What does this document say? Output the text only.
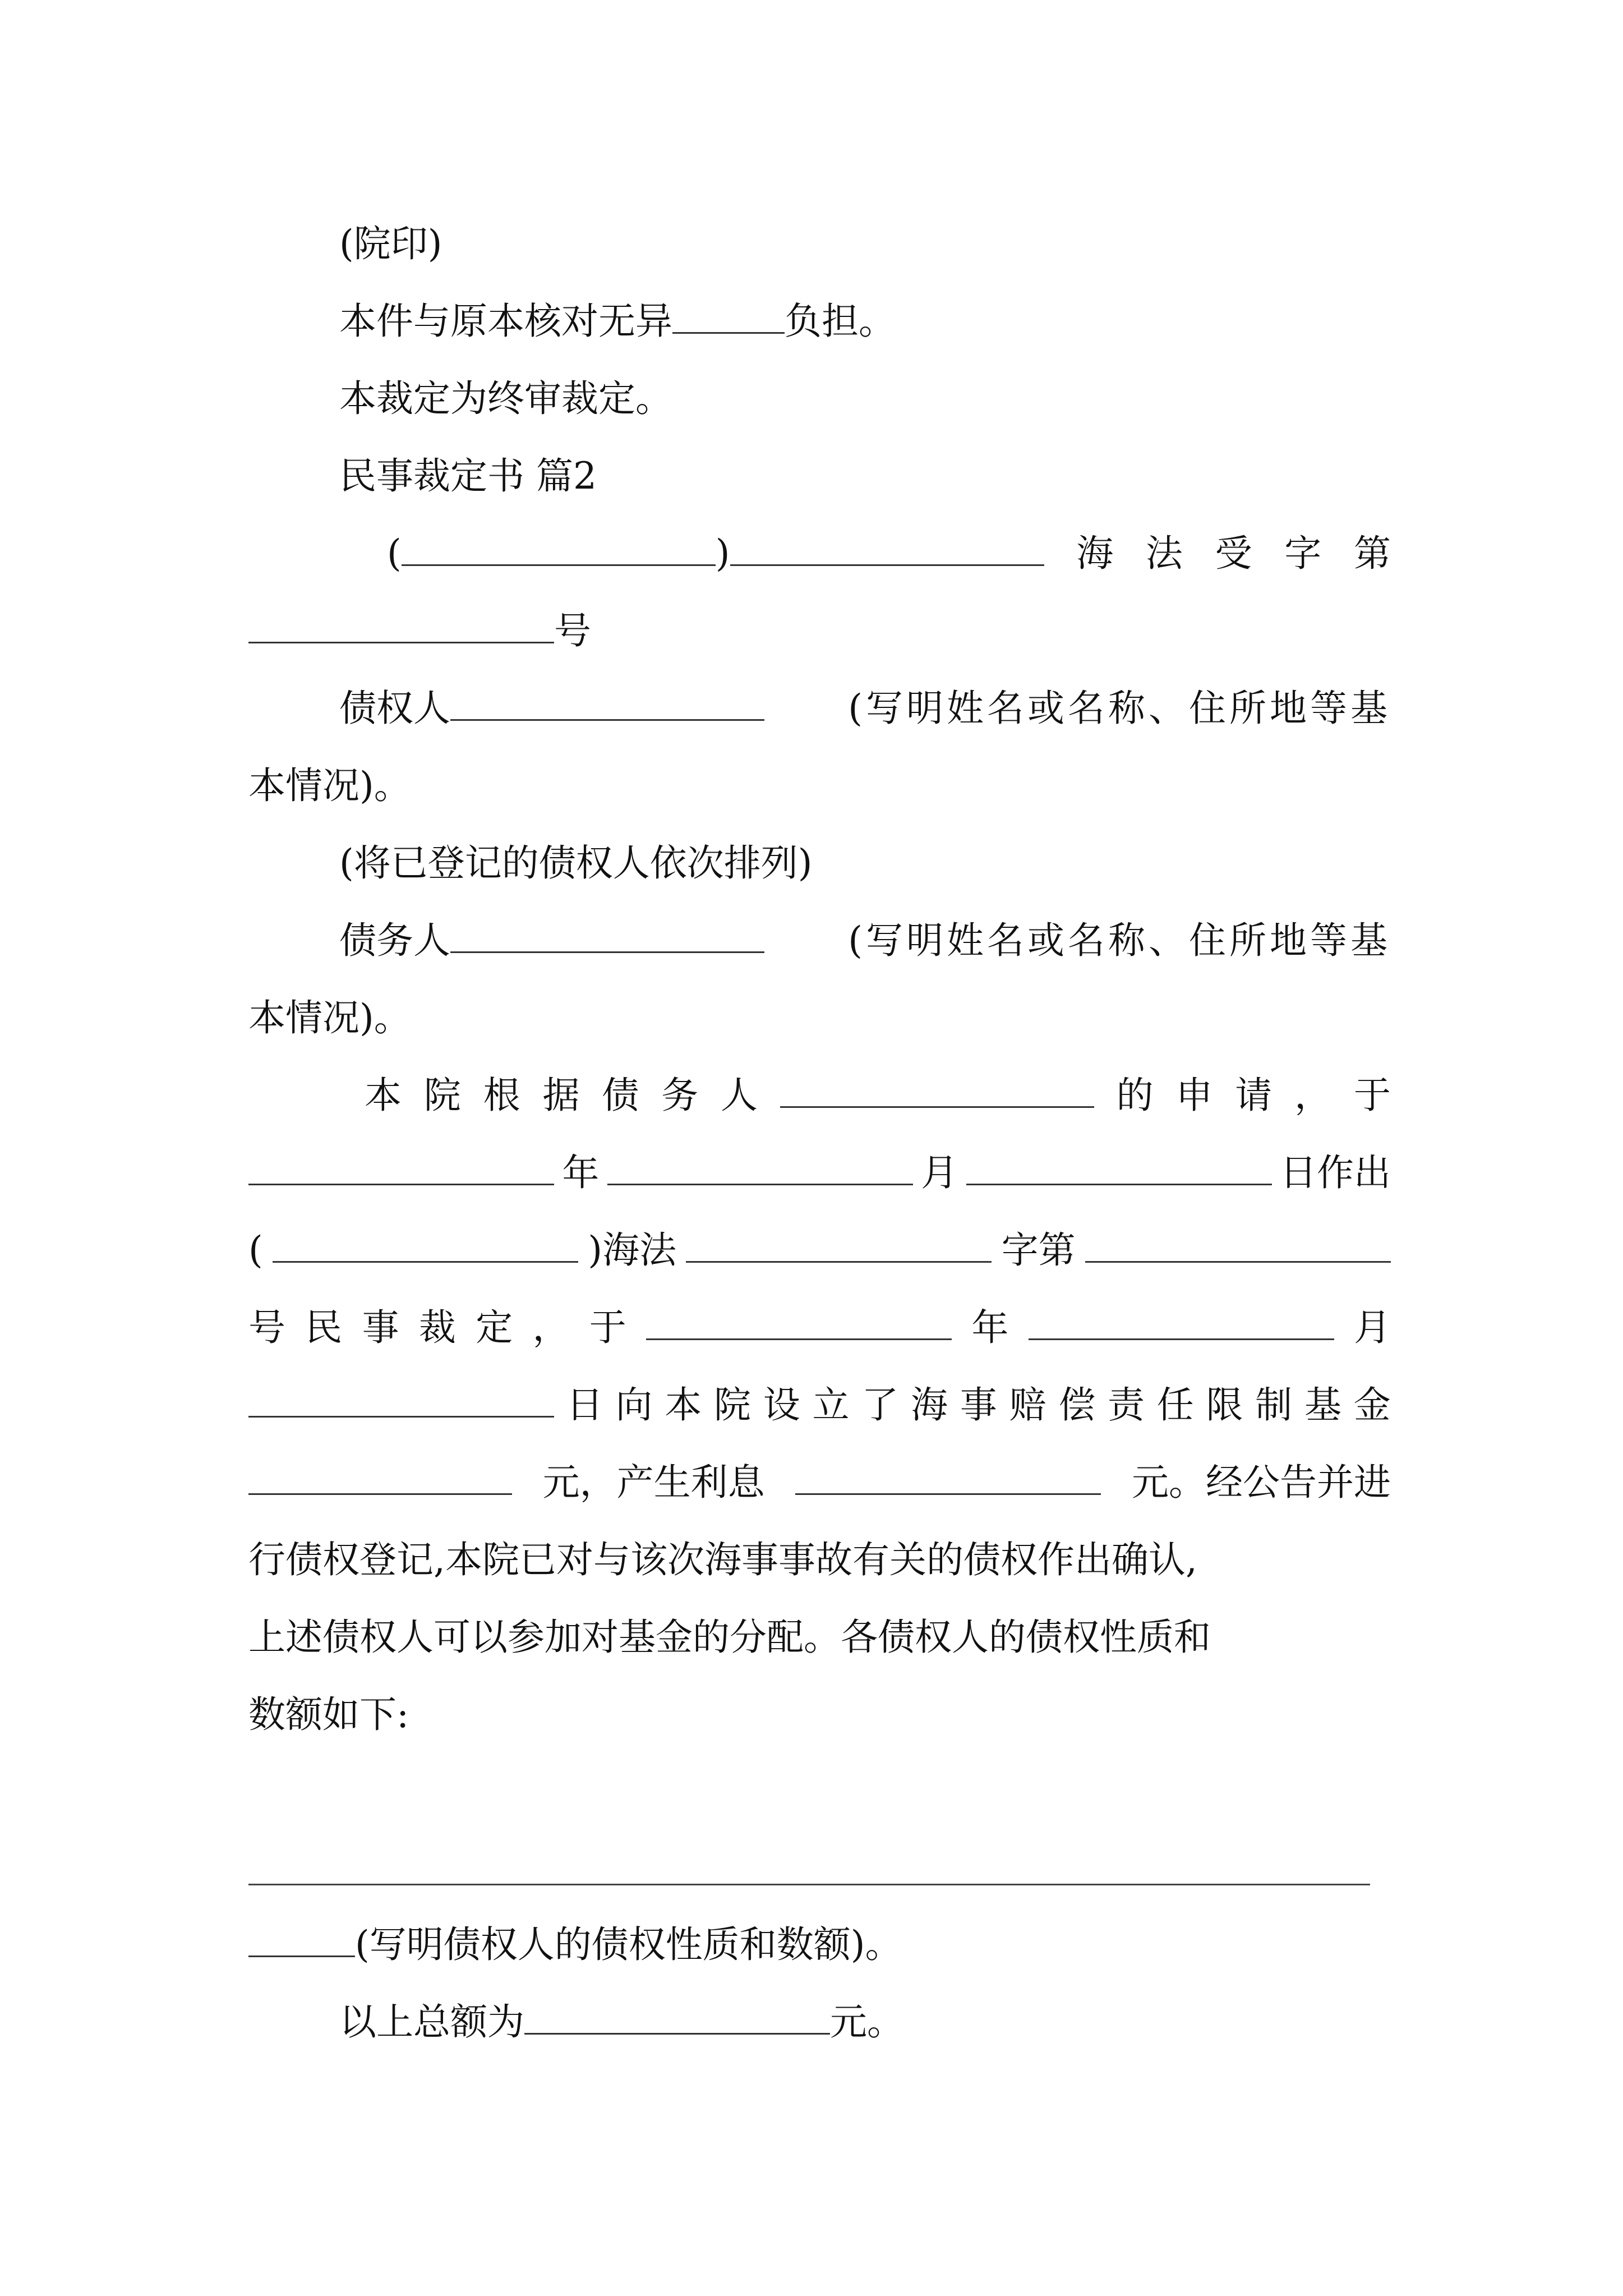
(院印)
本件与原本核对无异	负担。
本裁定为终审裁定。
民事裁定书 篇2
(	)	海 法 受 字 第
号
债权人	(写明姓名或名称、住所地等基
本情况)。
(将已登记的债权人依次排列)
债务人	(写明姓名或名称、住所地等基
本情况)。
本 院 根 据 债 务 人	的 申 请 ， 于
年	月	日作出
(	)海法	字第
号 民 事 裁 定 ， 于	年	月
日 向 本 院 设 立 了 海 事 赔 偿 责 任 限 制 基 金
元，产生利息	元。经公告并进
行债权登记,本院已对与该次海事事故有关的债权作出确认,
上述债权人可以参加对基金的分配。各债权人的债权性质和
数额如下:
(写明债权人的债权性质和数额)。
以上总额为	元。
